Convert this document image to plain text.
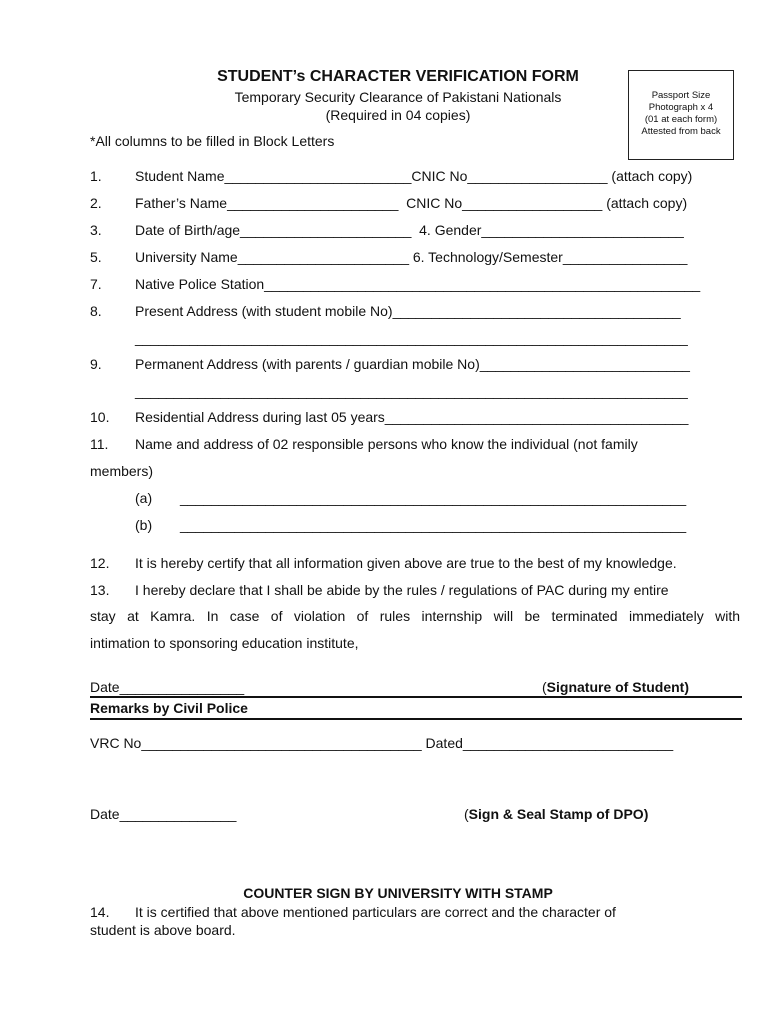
STUDENT’s CHARACTER VERIFICATION FORM
Temporary Security Clearance of Pakistani Nationals
(Required in 04 copies)
*All columns to be filled in Block Letters
Passport Size
Photograph x 4
(01 at each form)
Attested from back
1. Student Name________________________CNIC No__________________ (attach copy)
2. Father’s Name______________________  CNIC No__________________ (attach copy)
3. Date of Birth/age______________________  4. Gender__________________________
5. University Name______________________ 6. Technology/Semester________________
7. Native Police Station________________________________________________________
8. Present Address (with student mobile No)_____________________________________
_______________________________________________________________________
9. Permanent Address (with parents / guardian mobile No)___________________________
_______________________________________________________________________
10. Residential Address during last 05 years_______________________________________
11. Name and address of 02 responsible persons who know the individual (not family
members)
(a) _________________________________________________________________
(b) _________________________________________________________________
12. It is hereby certify that all information given above are true to the best of my knowledge.
13. I hereby declare that I shall be abide by the rules / regulations of PAC during my entire
stay at Kamra. In case of violation of rules internship will be terminated immediately with
intimation to sponsoring education institute,
Date________________	(Signature of Student)
Remarks by Civil Police
VRC No____________________________________ Dated___________________________
Date_______________	(Sign & Seal Stamp of DPO)
COUNTER SIGN BY UNIVERSITY WITH STAMP
14. It is certified that above mentioned particulars are correct and the character of
student is above board.
